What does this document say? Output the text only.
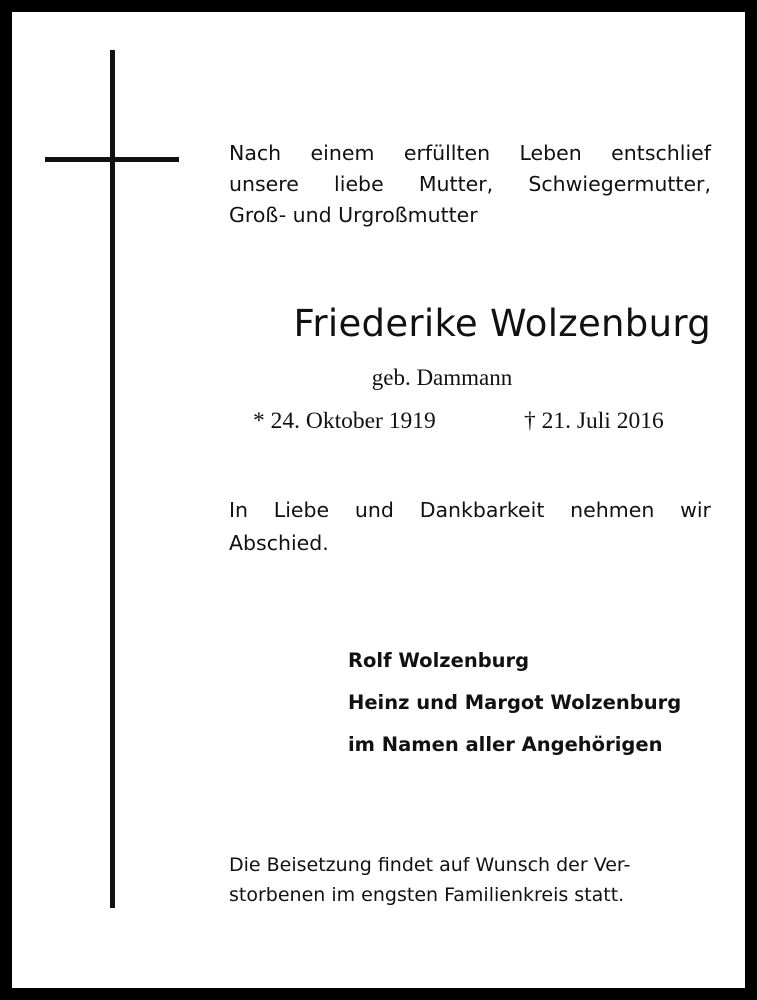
Nach einem erfüllten Leben entschlief
unsere liebe Mutter, Schwiegermutter,
Groß- und Urgroßmutter
Friederike Wolzenburg
geb. Dammann
* 24. Oktober 1919	† 21. Juli 2016
In Liebe und Dankbarkeit nehmen wir
Abschied.
Rolf Wolzenburg
Heinz und Margot Wolzenburg
im Namen aller Angehörigen
Die Beisetzung findet auf Wunsch der Ver-
storbenen im engsten Familienkreis statt.
